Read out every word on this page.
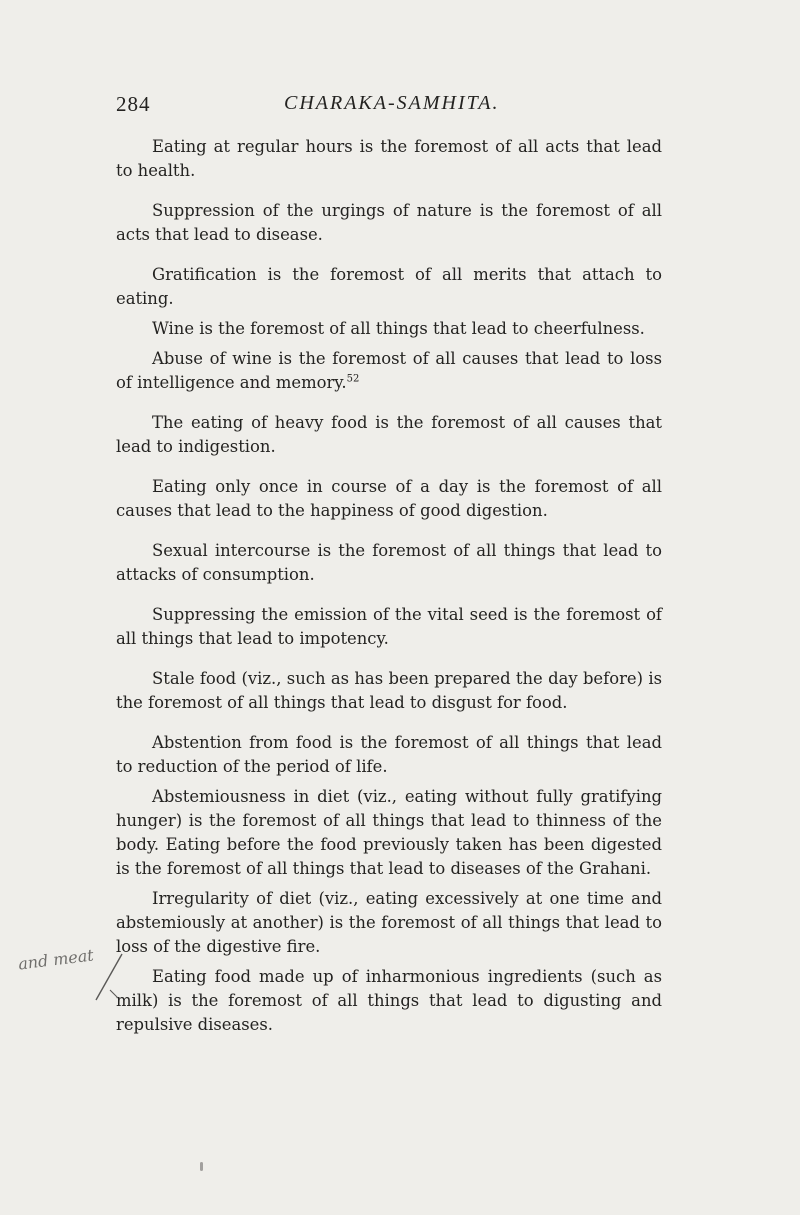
284	CHARAKA-SAMHITA.

Eating at regular hours is the foremost of all acts that lead to health.

Suppression of the urgings of nature is the foremost of all acts that lead to disease.

Gratification is the foremost of all merits that attach to eating.

Wine is the foremost of all things that lead to cheerfulness.

Abuse of wine is the foremost of all causes that lead to loss of intelligence and memory.$^{52}$

The eating of heavy food is the foremost of all causes that lead to indigestion.

Eating only once in course of a day is the foremost of all causes that lead to the happiness of good digestion.

Sexual intercourse is the foremost of all things that lead to attacks of consumption.

Suppressing the emission of the vital seed is the foremost of all things that lead to impotency.

Stale food (viz., such as has been prepared the day before) is the foremost of all things that lead to disgust for food.

Abstention from food is the foremost of all things that lead to reduction of the period of life.

Abstemiousness in diet (viz., eating without fully gratifying hunger) is the foremost of all things that lead to thinness of the body. Eating before the food previously taken has been digested is the foremost of all things that lead to diseases of the Grahani.

Irregularity of diet (viz., eating excessively at one time and abstemiously at another) is the foremost of all things that lead to loss of the digestive fire.

Eating food made up of inharmonious ingredients (such as milk) is the foremost of all things that lead to digusting and repulsive diseases.

and meat
